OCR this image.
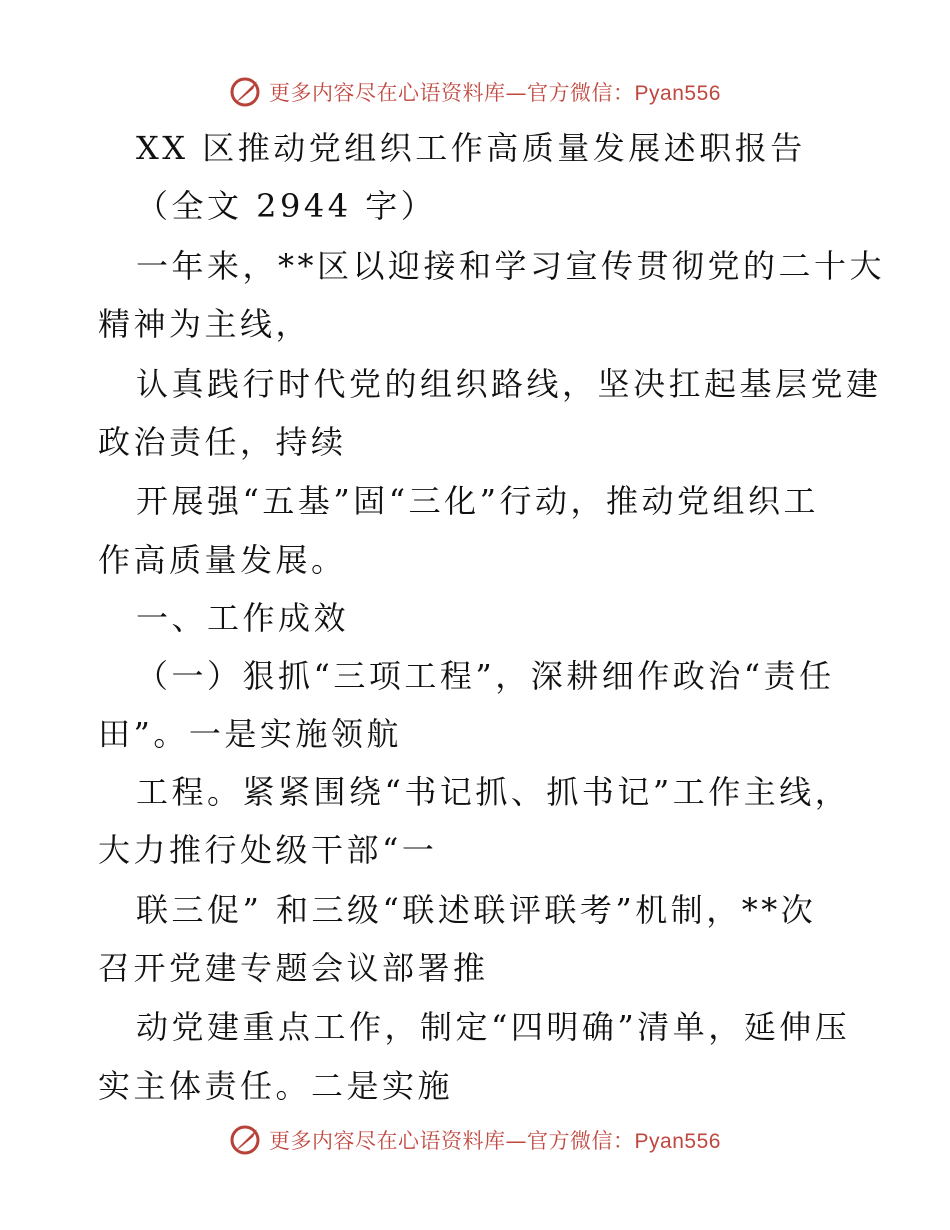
更多内容尽在心语资料库—官方微信：Pyan556
XX 区推动党组织工作高质量发展述职报告
（全文 2944 字）
一年来，**区以迎接和学习宣传贯彻党的二十大
精神为主线，
认真践行时代党的组织路线，坚决扛起基层党建
政治责任，持续
开展强“五基”固“三化”行动，推动党组织工
作高质量发展。
一、工作成效
（一）狠抓“三项工程”，深耕细作政治“责任
田”。一是实施领航
工程。紧紧围绕“书记抓、抓书记”工作主线，
大力推行处级干部“一
联三促” 和三级“联述联评联考”机制，**次
召开党建专题会议部署推
动党建重点工作，制定“四明确”清单，延伸压
实主体责任。二是实施
更多内容尽在心语资料库—官方微信：Pyan556
